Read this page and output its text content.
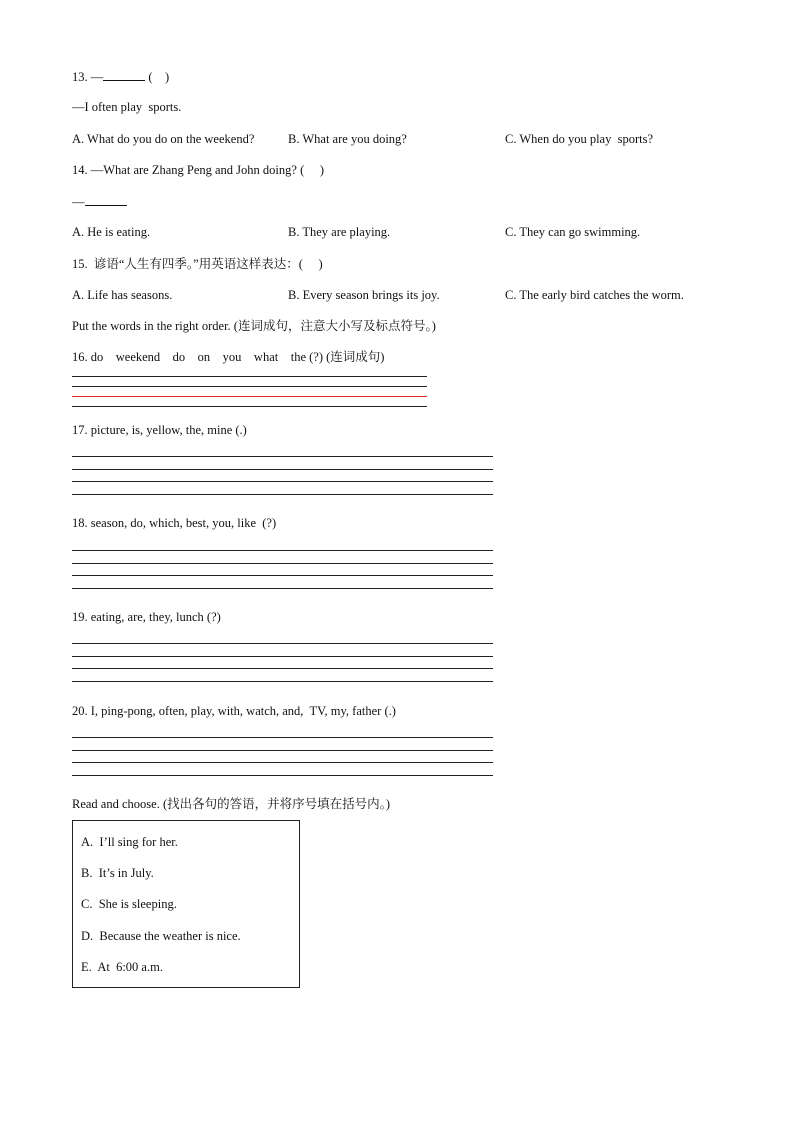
13. —	(    )
—I often play  sports.
A. What do you do on the weekend?	B. What are you doing?	C. When do you play  sports?
14. —What are Zhang Peng and John doing? (     )
—
A. He is eating.	B. They are playing.	C. They can go swimming.
15.  谚语“人生有四季。”用英语这样表达：(     )
A. Life has seasons.	B. Every season brings its joy.	C. The early bird catches the worm.
Put the words in the right order. (连词成句，注意大小写及标点符号。)
16. do    weekend    do    on    you    what    the (?) (连词成句)
17. picture, is, yellow, the, mine (.)
18. season, do, which, best, you, like  (?)
19. eating, are, they, lunch (?)
20. I, ping-pong, often, play, with, watch, and,  TV, my, father (.)
Read and choose. (找出各句的答语，并将序号填在括号内。)
A.  I’ll sing for her.
B.  It’s in July.
C.  She is sleeping.
D.  Because the weather is nice.
E.  At  6:00 a.m.
